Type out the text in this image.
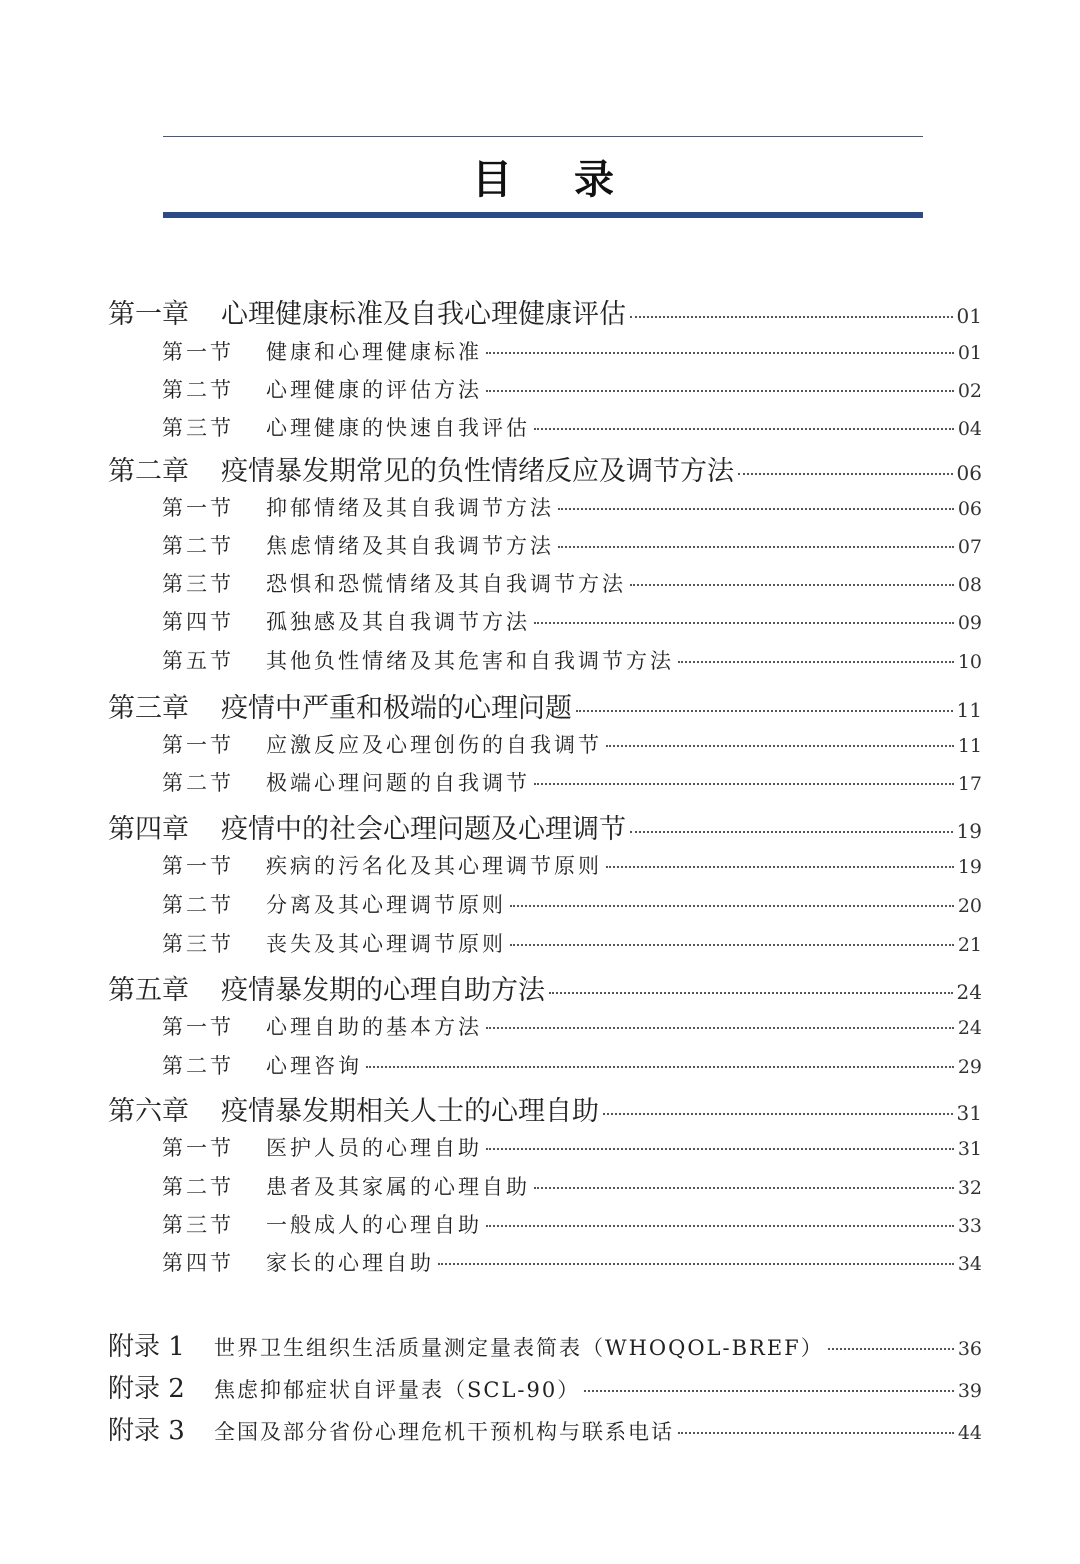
目录
第一章	心理健康标准及自我心理健康评估	01
第一节	健康和心理健康标准	01
第二节	心理健康的评估方法	02
第三节	心理健康的快速自我评估	04
第二章	疫情暴发期常见的负性情绪反应及调节方法	06
第一节	抑郁情绪及其自我调节方法	06
第二节	焦虑情绪及其自我调节方法	07
第三节	恐惧和恐慌情绪及其自我调节方法	08
第四节	孤独感及其自我调节方法	09
第五节	其他负性情绪及其危害和自我调节方法	10
第三章	疫情中严重和极端的心理问题	11
第一节	应激反应及心理创伤的自我调节	11
第二节	极端心理问题的自我调节	17
第四章	疫情中的社会心理问题及心理调节	19
第一节	疾病的污名化及其心理调节原则	19
第二节	分离及其心理调节原则	20
第三节	丧失及其心理调节原则	21
第五章	疫情暴发期的心理自助方法	24
第一节	心理自助的基本方法	24
第二节	心理咨询	29
第六章	疫情暴发期相关人士的心理自助	31
第一节	医护人员的心理自助	31
第二节	患者及其家属的心理自助	32
第三节	一般成人的心理自助	33
第四节	家长的心理自助	34
附录 1	世界卫生组织生活质量测定量表简表（WHOQOL-BREF）	36
附录 2	焦虑抑郁症状自评量表（SCL-90）	39
附录 3	全国及部分省份心理危机干预机构与联系电话	44
